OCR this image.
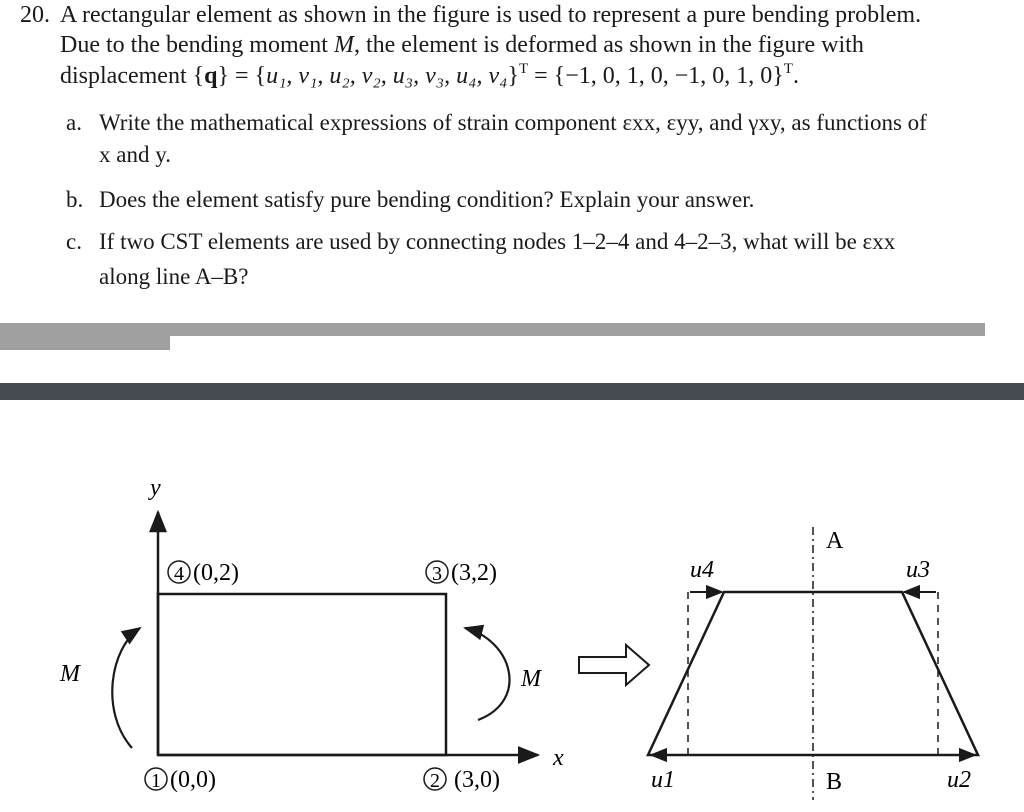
20. A rectangular element as shown in the figure is used to represent a pure bending problem.
Due to the bending moment M, the element is deformed as shown in the figure with
displacement {q} = {u₁, v₁, u₂, v₂, u₃, v₃, u₄, v₄}$^T$ = {−1, 0, 1, 0, −1, 0, 1, 0}$^T$.
a. Write the mathematical expressions of strain component εxx, εyy, and γxy, as functions of
x and y.
b. Does the element satisfy pure bending condition? Explain your answer.
c. If two CST elements are used by connecting nodes 1–2–4 and 4–2–3, what will be εxx
along line A–B?
y
x
4 (0,2)	3 (3,2)
1 (0,0)	2 (3,0)
M	M
A
B
u4	u3
u1	u2
